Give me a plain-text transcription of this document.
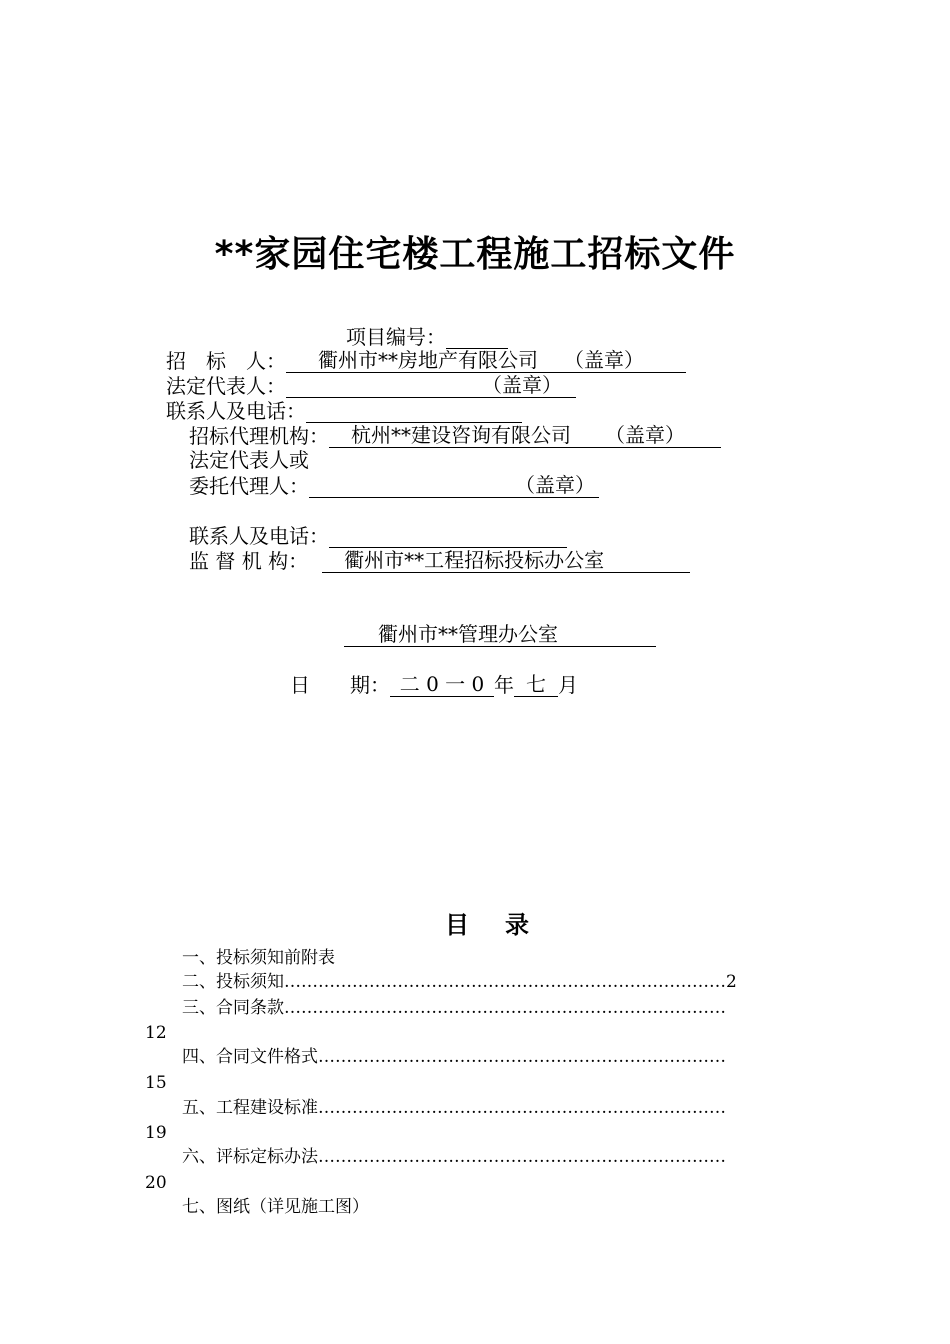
**家园住宅楼工程施工招标文件
项目编号：
招　标　人： 衢州市**房地产有限公司 （盖章）
法定代表人：	（盖章）
联系人及电话：
招标代理机构： 杭州**建设咨询有限公司 （盖章）
法定代表人或
委托代理人：	（盖章）
联系人及电话：
监 督 机 构： 衢州市**工程招标投标办公室
衢州市**管理办公室
日　　期： 二 0 一 0 年 七 月
目录
一、投标须知前附表
二、投标须知……………………………………………………………………2
三、合同条款……………………………………………………………………
12
四、合同文件格式………………………………………………………………
15
五、工程建设标准………………………………………………………………
19
六、评标定标办法………………………………………………………………
20
七、图纸（详见施工图）
